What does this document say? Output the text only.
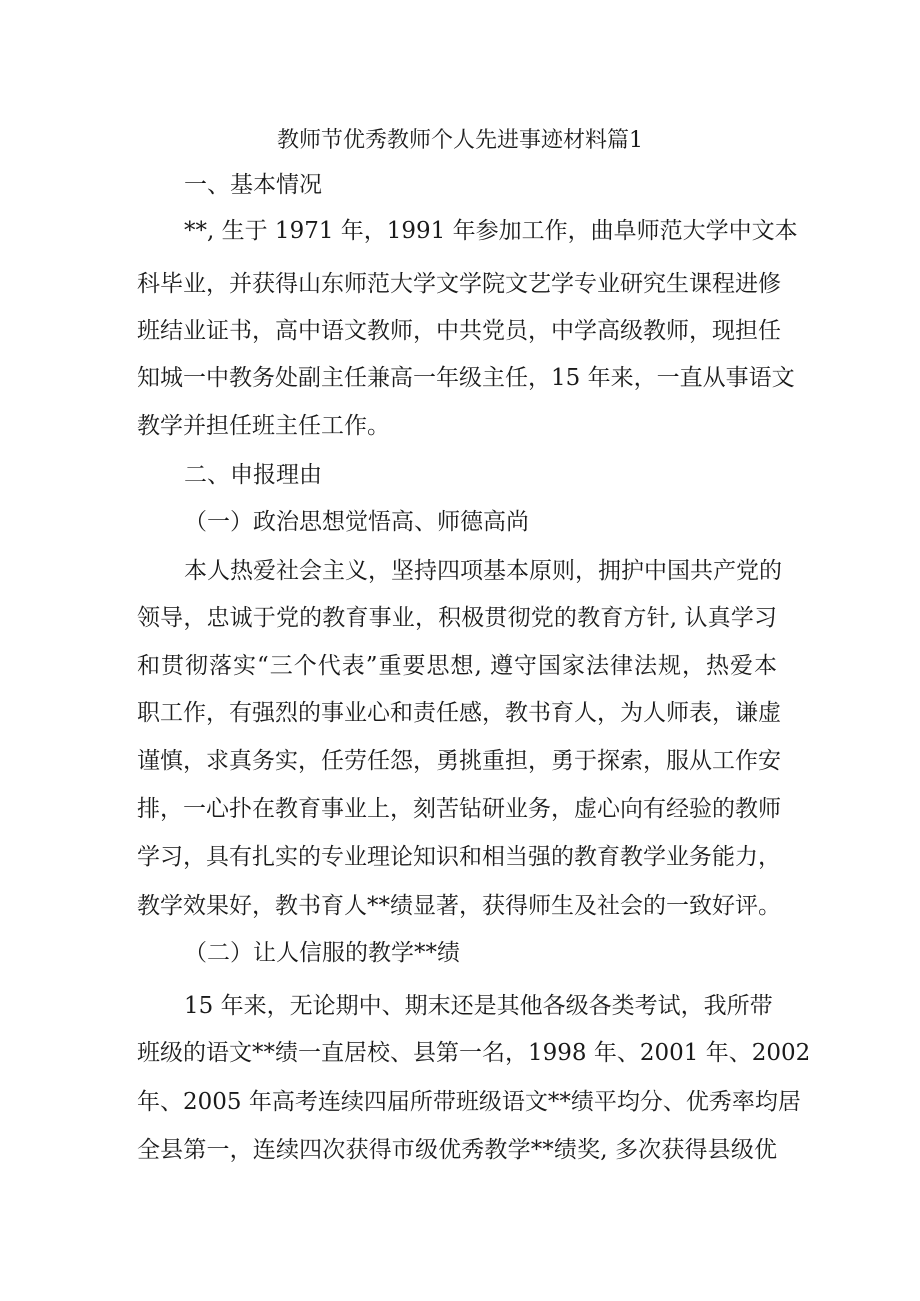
教师节优秀教师个人先进事迹材料篇1
一、基本情况
**, 生于 1971 年，1991 年参加工作，曲阜师范大学中文本
科毕业，并获得山东师范大学文学院文艺学专业研究生课程进修
班结业证书，高中语文教师，中共党员，中学高级教师，现担任
知城一中教务处副主任兼高一年级主任，15 年来，一直从事语文
教学并担任班主任工作。
二、申报理由
（一）政治思想觉悟高、师德高尚
本人热爱社会主义，坚持四项基本原则，拥护中国共产党的
领导，忠诚于党的教育事业，积极贯彻党的教育方针, 认真学习
和贯彻落实“三个代表”重要思想, 遵守国家法律法规，热爱本
职工作，有强烈的事业心和责任感，教书育人，为人师表，谦虚
谨慎，求真务实，任劳任怨，勇挑重担，勇于探索，服从工作安
排，一心扑在教育事业上，刻苦钻研业务，虚心向有经验的教师
学习，具有扎实的专业理论知识和相当强的教育教学业务能力，
教学效果好，教书育人**绩显著，获得师生及社会的一致好评。
（二）让人信服的教学**绩
15 年来，无论期中、期末还是其他各级各类考试，我所带
班级的语文**绩一直居校、县第一名，1998 年、2001 年、2002
年、2005 年高考连续四届所带班级语文**绩平均分、优秀率均居
全县第一，连续四次获得市级优秀教学**绩奖, 多次获得县级优
